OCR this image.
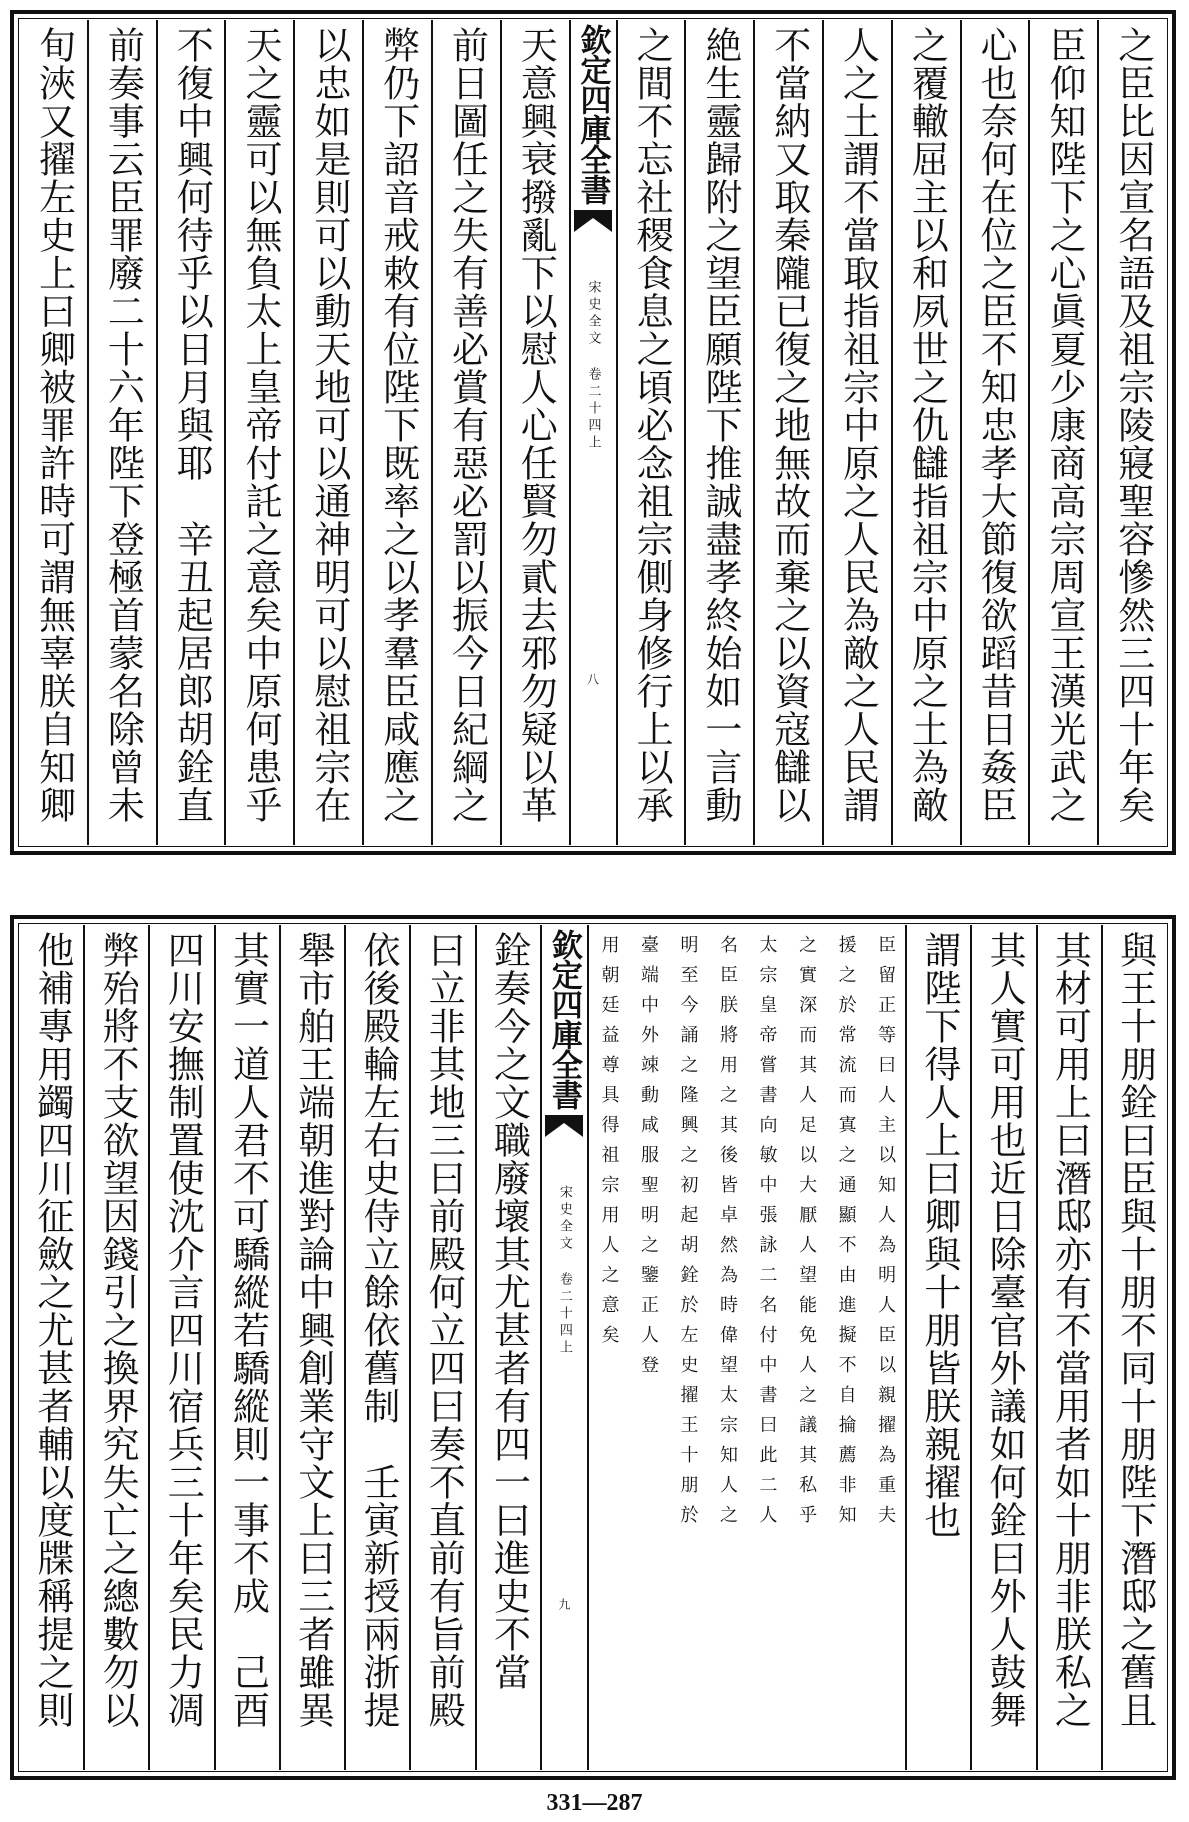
之臣比因宣名語及祖宗陵寢聖容慘然三四十年矣
臣仰知陛下之心眞夏少康商高宗周宣王漢光武之
心也奈何在位之臣不知忠孝大節復欲蹈昔日姦臣
之覆轍屈主以和夙世之仇讎指祖宗中原之土為敵
人之土謂不當取指祖宗中原之人民為敵之人民謂
不當納又取秦隴已復之地無故而棄之以資寇讎以
絶生靈歸附之望臣願陛下推誠盡孝終始如一言動
之間不忘社稷食息之頃必念祖宗側身修行上以承
欽定四庫全書
宋史全文 卷二十四上
八
天意興衰撥亂下以慰人心任賢勿貳去邪勿疑以革
前日圖任之失有善必賞有惡必罰以振今日紀綱之
弊仍下詔音戒敕有位陛下既率之以孝羣臣咸應之
以忠如是則可以動天地可以通神明可以慰祖宗在
天之靈可以無負太上皇帝付託之意矣中原何患乎
不復中興何待乎以日月與耶　辛丑起居郎胡銓直
前奏事云臣罪廢二十六年陛下登極首蒙名除曾未
旬浹又擢左史上曰卿被罪許時可謂無辜朕自知卿
與王十朋銓曰臣與十朋不同十朋陛下潛邸之舊且
其材可用上曰潛邸亦有不當用者如十朋非朕私之
其人實可用也近日除臺官外議如何銓曰外人鼓舞
謂陛下得人上曰卿與十朋皆朕親擢也
臣留正等曰人主以知人為明人臣以親擢為重夫
援之於常流而寘之通顯不由進擬不自掄薦非知
之實深而其人足以大厭人望能免人之議其私乎
太宗皇帝嘗書向敏中張詠二名付中書曰此二人
名臣朕將用之其後皆卓然為時偉望太宗知人之
明至今誦之隆興之初起胡銓於左史擢王十朋於
臺端中外竦動咸服聖明之鑒正人登
用朝廷益尊具得祖宗用人之意矣
欽定四庫全書
宋史全文 卷二十四上
九
銓奏今之文職廢壞其尤甚者有四一曰進史不當
曰立非其地三曰前殿何立四曰奏不直前有旨前殿
依後殿輪左右史侍立餘依舊制　壬寅新授兩浙提
舉市舶王端朝進對論中興創業守文上曰三者雖異
其實一道人君不可驕縱若驕縱則一事不成　己酉
四川安撫制置使沈介言四川宿兵三十年矣民力凋
弊殆將不支欲望因錢引之換界究失亡之總數勿以
他補專用蠲四川征斂之尤甚者輔以度牒稱提之則
331—287
